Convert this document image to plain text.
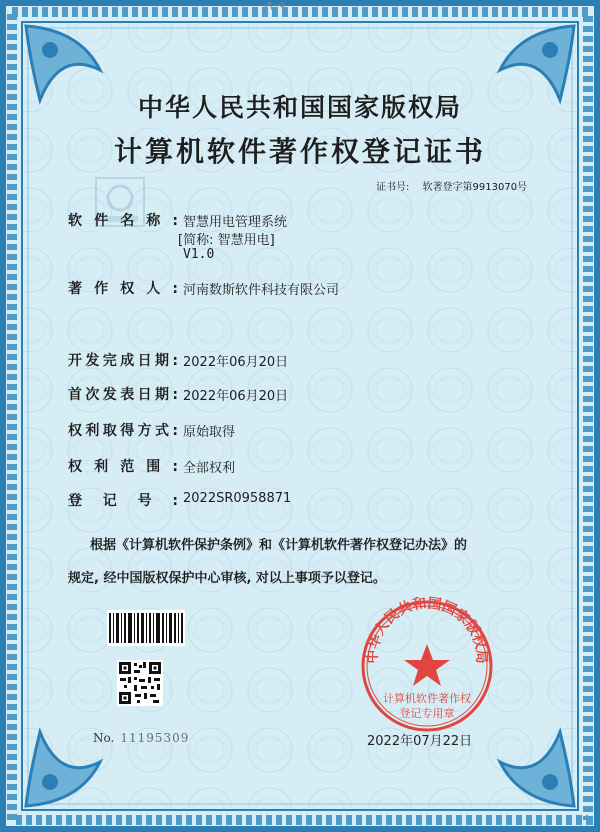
中华人民共和国国家版权局
计算机软件著作权登记证书
证书号: 软著登字第9913070号
软件名称: 智慧用电管理系统
[简称: 智慧用电]
V1.0
著作权人: 河南数斯软件科技有限公司
开发完成日期: 2022年06月20日
首次发表日期: 2022年06月20日
权利取得方式: 原始取得
权利范围: 全部权利
登记号: 2022SR0958871
根据《计算机软件保护条例》和《计算机软件著作权登记办法》的
规定, 经中国版权保护中心审核, 对以上事项予以登记。
中华人民共和国国家版权局
计算机软件著作权
登记专用章
No. 11195309	2022年07月22日
